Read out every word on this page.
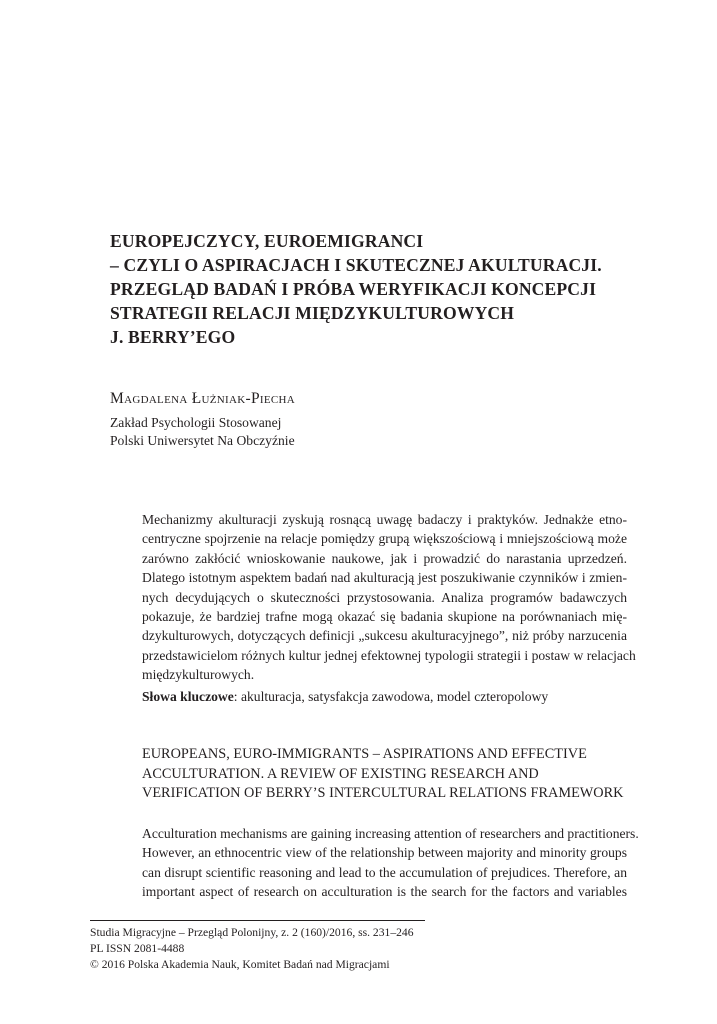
EUROPEJCZYCY, EUROEMIGRANCI
– CZYLI O ASPIRACJACH I SKUTECZNEJ AKULTURACJI.
PRZEGLĄD BADAŃ I PRÓBA WERYFIKACJI KONCEPCJI
STRATEGII RELACJI MIĘDZYKULTUROWYCH
J. BERRY’EGO

Magdalena Łużniak-Piecha

Zakład Psychologii Stosowanej
Polski Uniwersytet Na Obczyźnie

Mechanizmy akulturacji zyskują rosnącą uwagę badaczy i praktyków. Jednakże etno-
centryczne spojrzenie na relacje pomiędzy grupą większościową i mniejszościową może
zarówno zakłócić wnioskowanie naukowe, jak i prowadzić do narastania uprzedzeń.
Dlatego istotnym aspektem badań nad akulturacją jest poszukiwanie czynników i zmien-
nych decydujących o skuteczności przystosowania. Analiza programów badawczych
pokazuje, że bardziej trafne mogą okazać się badania skupione na porównaniach mię-
dzykulturowych, dotyczących definicji „sukcesu akulturacyjnego”, niż próby narzucenia
przedstawicielom różnych kultur jednej efektownej typologii strategii i postaw w relacjach
międzykulturowych.

Słowa kluczowe: akulturacja, satysfakcja zawodowa, model czteropolowy

EUROPEANS, EURO-IMMIGRANTS – ASPIRATIONS AND EFFECTIVE
ACCULTURATION. A REVIEW OF EXISTING RESEARCH AND
VERIFICATION OF BERRY’S INTERCULTURAL RELATIONS FRAMEWORK
Acculturation mechanisms are gaining increasing attention of researchers and practitioners.
However, an ethnocentric view of the relationship between majority and minority groups
can disrupt scientific reasoning and lead to the accumulation of prejudices. Therefore, an
important aspect of research on acculturation is the search for the factors and variables
Studia Migracyjne – Przegląd Polonijny, z. 2 (160)/2016, ss. 231–246
PL ISSN 2081-4488
© 2016 Polska Akademia Nauk, Komitet Badań nad Migracjami
